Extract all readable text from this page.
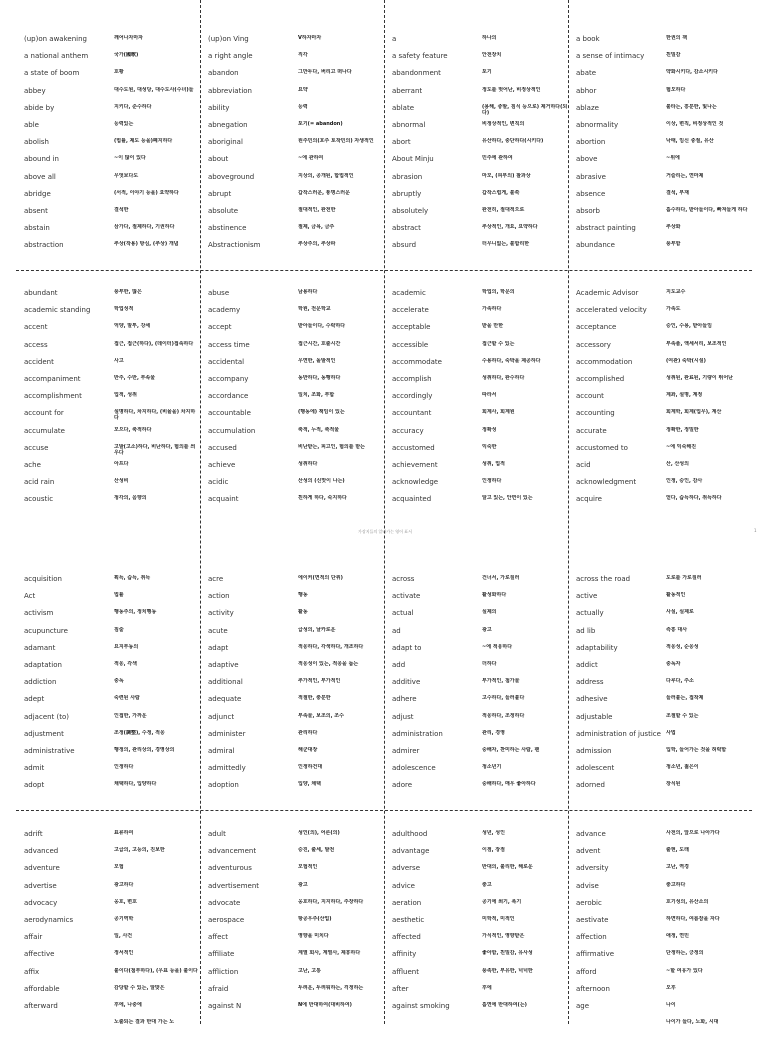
가장지들의 알바가는 영어 표서	1
(up)on awakening	깨어나자마자
a national anthem	국가(國歌)
a state of boom	호황
abbey	대수도원, 대성당, 대수도사(수녀)들
abide by	지키다, 준수하다
able	능력있는
abolish	(법률, 제도 등을)폐지하다
abound in	~이 많이 있다
above all	무엇보다도
abridge	(서적, 이야기 등을) 요약하다
absent	결석한
abstain	삼가다, 절제하다, 기권하다
abstraction	추상(작용) 방심, (추상) 개념
(up)on Ving	V하자마자
a right angle	직각
abandon	그만두다, 버리고 떠나다
abbreviation	요약
ability	능력
abnegation	포기(= abandon)
aboriginal	원주민의(호주 토착민의) 자생적인
about	~에 관하여
aboveground	지상의, 공개된, 합법적인
abrupt	갑작스러운, 퉁명스러운
absolute	절대적인, 완전한
abstinence	절제, 금욕, 금주
Abstractionism	추상주의, 추상파
a	하나의
a safety feature	안전장치
abandonment	포기
aberrant	정도를 벗어난, 비정상적인
ablate	(용해, 증발, 침식 등으로) 제거하다(되다)
abnormal	비정상적인, 변칙의
abort	유산하다, 중단하다(시키다)
About Minju	민주에 관하여
abrasion	마모, (피부의) 찰과상
abruptly	갑작스럽게, 불쑥
absolutely	완전히, 절대적으로
abstract	추상적인, 개요, 요약하다
absurd	터무니없는, 불합리한
a book	한권의 책
a sense of intimacy	친밀감
abate	약화시키다, 감소시키다
abhor	혐오하다
ablaze	불타는, 흥분한, 빛나는
abnormality	이상, 변칙, 비정상적인 것
abortion	낙태, 임신 중절, 유산
above	~위에
abrasive	거슬리는, 연마제
absence	결석, 부재
absorb	흡수하다, 받아들이다, 빠져들게 하다
abstract painting	추상화
abundance	풍부함
abundant	풍부한, 많은
academic standing	학업성적
accent	억양, 말투, 강세
access	접근, 접근(하다), (데이터)접속하다
accident	사고
accompaniment	반주, 수반, 부속물
accomplishment	업적, 성취
account for	설명하다, 차지하다, (비율을) 차지하다
accumulate	모으다, 축적하다
accuse	고발(고소)하다, 비난하다, 혐의를 씌우다
ache	아프다
acid rain	산성비
acoustic	청각의, 음향의
abuse	남용하다
academy	학원, 전문학교
accept	받아들이다, 수락하다
access time	접근시간, 호출시간
accidental	우연한, 돌발적인
accompany	동반하다, 동행하다
accordance	일치, 조화, 부합
accountable	(행동에) 책임이 있는
accumulation	축적, 누적, 축적물
accused	비난받는, 피고인, 혐의를 받는
achieve	성취하다
acidic	산성의 (신맛이 나는)
acquaint	친하게 하다, 숙지하다
academic	학업의, 학문의
accelerate	가속하다
acceptable	받을 만한
accessible	접근할 수 있는
accommodate	수용하다, 숙박을 제공하다
accomplish	성취하다, 완수하다
accordingly	따라서
accountant	회계사, 회계원
accuracy	정확성
accustomed	익숙한
achievement	성취, 업적
acknowledge	인정하다
acquainted	알고 있는, 안면이 있는
Academic Advisor	지도교수
accelerated velocity	가속도
acceptance	승인, 수용, 받아들임
accessory	부속품, 액세서리, 보조적인
accommodation	(여관) 숙박(시설)
accomplished	성취된, 완료된, 기량이 뛰어난
account	계좌, 설명, 계정
accounting	회계학, 회계(업무), 계산
accurate	정확한, 정밀한
accustomed to	~에 익숙해진
acid	산, 산성의
acknowledgment	인정, 승인, 감사
acquire	얻다, 습득하다, 취득하다
acquisition	획득, 습득, 취득
Act	법률
activism	행동주의, 정치행동
acupuncture	침술
adamant	요지부동의
adaptation	적응, 각색
addiction	중독
adept	숙련된 사람
adjacent (to)	인접한, 가까운
adjustment	조정(調整), 수정, 적응
administrative	행정의, 관리상의, 경영상의
admit	인정하다
adopt	채택하다, 입양하다
acre	에이커(면적의 단위)
action	행동
activity	활동
acute	급성의, 날카로운
adapt	적응하다, 각색하다, 개조하다
adaptive	적응성이 있는, 적응을 돕는
additional	추가적인, 부가적인
adequate	적절한, 충분한
adjunct	부속물, 보조의, 조수
administer	관리하다
admiral	해군대장
admittedly	인정하건대
adoption	입양, 채택
across	건너서, 가로질러
activate	활성화하다
actual	실제의
ad	광고
adapt to	~에 적응하다
add	더하다
additive	부가적인, 첨가물
adhere	고수하다, 들러붙다
adjust	적응하다, 조정하다
administration	관리, 경영
admirer	숭배자, 찬미하는 사람, 팬
adolescence	청소년기
adore	숭배하다, 매우 좋아하다
across the road	도로를 가로질러
active	활동적인
actually	사실, 실제로
ad lib	즉흥 대사
adaptability	적응성, 순응성
addict	중독자
address	다루다, 주소
adhesive	들러붙는, 접착제
adjustable	조절할 수 있는
administration of justice 사법
admission	입학, 들어가는 것을 허락함
adolescent	청소년, 젊은이
adorned	장식된
adrift	표류하여
advanced	고급의, 고등의, 진보한
adventure	모험
advertise	광고하다
advocacy	옹호, 변호
aerodynamics	공기역학
affair	일, 사건
affective	정서적인
affix	붙이다(첨부하다), (우표 등을) 붙이다
affordable	감당할 수 있는, 알맞은
afterward	후에, 나중에
노출되는 결과 반대 가는 노
adult	성인(의), 어른(의)
advancement	승진, 출세, 발전
adventurous	모험적인
advertisement	광고
advocate	옹호하다, 지지하다, 주장하다
aerospace	항공우주(산업)
affect	영향을 미치다
affiliate	계열 회사, 계열사, 제휴하다
affliction	고난, 고통
afraid	두려운, 두려워하는, 걱정하는
against N	N에 반대하여(대비하여)
adulthood	성년, 성인
advantage	이점, 장점
adverse	반대의, 불리한, 해로운
advice	충고
aeration	공기에 쐬기, 폭기
aesthetic	미학적, 미적인
affected	가식적인, 영향받은
affinity	좋아함, 친밀감, 유사성
affluent	풍족한, 부유한, 넉넉한
after	후에
against smoking	흡연에 반대하여(는)
advance	사전의, 앞으로 나아가다
advent	출현, 도래
adversity	고난, 역경
advise	충고하다
aerobic	호기성의, 유산소의
aestivate	하면하다, 여름잠을 자다
affection	애정, 연민
affirmative	단정하는, 긍정의
afford	~할 여유가 있다
afternoon	오후
age	나이
나이가 들다, 노화, 시대
